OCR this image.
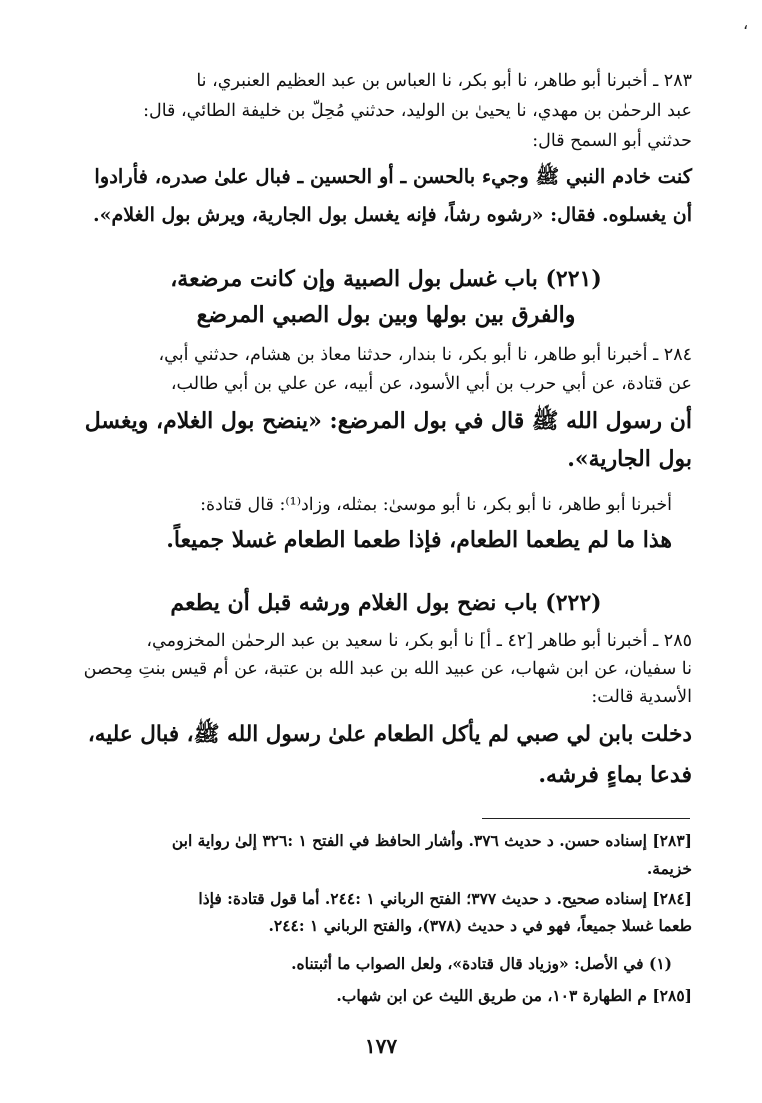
،
٢٨٣ ـ أخبرنا أبو طاهر، نا أبو بكر، نا العباس بن عبد العظيم العنبري، نا
عبد الرحمٰن بن مهدي، نا يحيىٰ بن الوليد، حدثني مُحِلّ بن خليفة الطائي، قال:
حدثني أبو السمح قال:
كنت خادم النبي ﷺ وجيء بالحسن ـ أو الحسين ـ فبال علىٰ صدره، فأرادوا
أن يغسلوه. فقال: «رشوه رشاً، فإنه يغسل بول الجارية، ويرش بول الغلام».
(٢٢١) باب غسل بول الصبية وإن كانت مرضعة،
والفرق بين بولها وبين بول الصبي المرضع
٢٨٤ ـ أخبرنا أبو طاهر، نا أبو بكر، نا بندار، حدثنا معاذ بن هشام، حدثني أبي،
عن قتادة، عن أبي حرب بن أبي الأسود، عن أبيه، عن علي بن أبي طالب،
أن رسول الله ﷺ قال في بول المرضع: «ينضح بول الغلام، ويغسل
بول الجارية».
أخبرنا أبو طاهر، نا أبو بكر، نا أبو موسىٰ: بمثله، وزاد⁽¹⁾: قال قتادة:
هذا ما لم يطعما الطعام، فإذا طعما الطعام غسلا جميعاً.
(٢٢٢) باب نضح بول الغلام ورشه قبل أن يطعم
٢٨٥ ـ أخبرنا أبو طاهر [٤٢ ـ أ] نا أبو بكر، نا سعيد بن عبد الرحمٰن المخزومي،
نا سفيان، عن ابن شهاب، عن عبيد الله بن عبد الله بن عتبة، عن أم قيس بنتِ مِحصن
الأسدية قالت:
دخلت بابن لي صبي لم يأكل الطعام علىٰ رسول الله ﷺ، فبال عليه،
فدعا بماءٍ فرشه.
[٢٨٣] إسناده حسن. د حديث ٣٧٦. وأشار الحافظ في الفتح ١ :٣٢٦ إلىٰ رواية ابن
خزيمة.
[٢٨٤] إسناده صحيح. د حديث ٣٧٧؛ الفتح الرباني ١ :٢٤٤. أما قول قتادة: فإذا
طعما غسلا جميعاً، فهو في د حديث (٣٧٨)، والفتح الرباني ١ :٢٤٤.
(١) في الأصل: «وزياد قال قتادة»، ولعل الصواب ما أثبتناه.
[٢٨٥] م الطهارة ١٠٣، من طريق الليث عن ابن شهاب.
١٧٧
